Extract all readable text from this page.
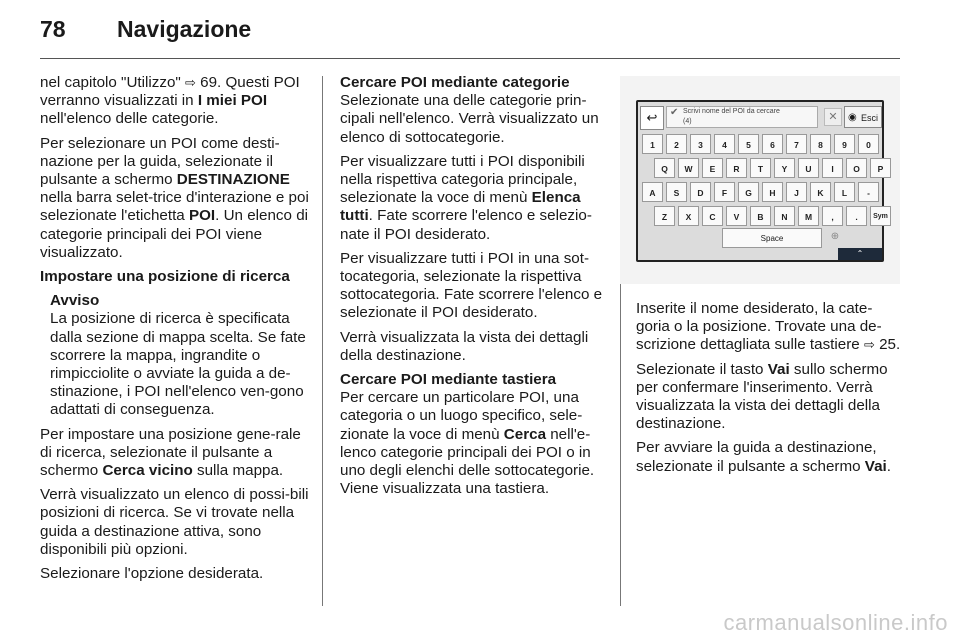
78 Navigazione

nel capitolo "Utilizzo" ⇨ 69. Questi POI verranno visualizzati in I miei POI nell'elenco delle categorie.

Per selezionare un POI come desti-nazione per la guida, selezionate il pulsante a schermo DESTINAZIONE nella barra selet-trice d'interazione e poi selezionate l'etichetta POI. Un elenco di categorie principali dei POI viene visualizzato.

Impostare una posizione di ricerca

Avviso

La posizione di ricerca è specificata dalla sezione di mappa scelta. Se fate scorrere la mappa, ingrandite o rimpicciolite o avviate la guida a de-stinazione, i POI nell'elenco ven-gono adattati di conseguenza.

Per impostare una posizione gene-rale di ricerca, selezionate il pulsante a schermo Cerca vicino sulla mappa.

Verrà visualizzato un elenco di possi-bili posizioni di ricerca. Se vi trovate nella guida a destinazione attiva, sono disponibili più opzioni.

Selezionare l'opzione desiderata.

Cercare POI mediante categorie

Selezionate una delle categorie prin-cipali nell'elenco. Verrà visualizzato un elenco di sottocategorie.

Per visualizzare tutti i POI disponibili nella rispettiva categoria principale, selezionate la voce di menù Elenca tutti. Fate scorrere l'elenco e selezio-nate il POI desiderato.

Per visualizzare tutti i POI in una sot-tocategoria, selezionate la rispettiva sottocategoria. Fate scorrere l'elenco e selezionate il POI desiderato.

Verrà visualizzata la vista dei dettagli della destinazione.

Cercare POI mediante tastiera

Per cercare un particolare POI, una categoria o un luogo specifico, sele-zionate la voce di menù Cerca nell'e-lenco categorie principali dei POI o in uno degli elenchi delle sottocategorie. Viene visualizzata una tastiera.

↩	✔ Scrivi nome del POI da cercare
(4)	✕	◉ Esci
1	2	3	4	5	6	7	8	9	0
Q	W	E	R	T	Y	U	I	O	P
A	S	D	F	G	H	J	K	L	-
Z	X	C	V	B	N	M	,	.	Sym
Space	⊕
⌃

Inserite il nome desiderato, la cate-goria o la posizione. Trovate una de-scrizione dettagliata sulle tastiere ⇨ 25.

Selezionate il tasto Vai sullo schermo per confermare l'inserimento. Verrà visualizzata la vista dei dettagli della destinazione.

Per avviare la guida a destinazione, selezionate il pulsante a schermo Vai.

carmanualsonline.info
